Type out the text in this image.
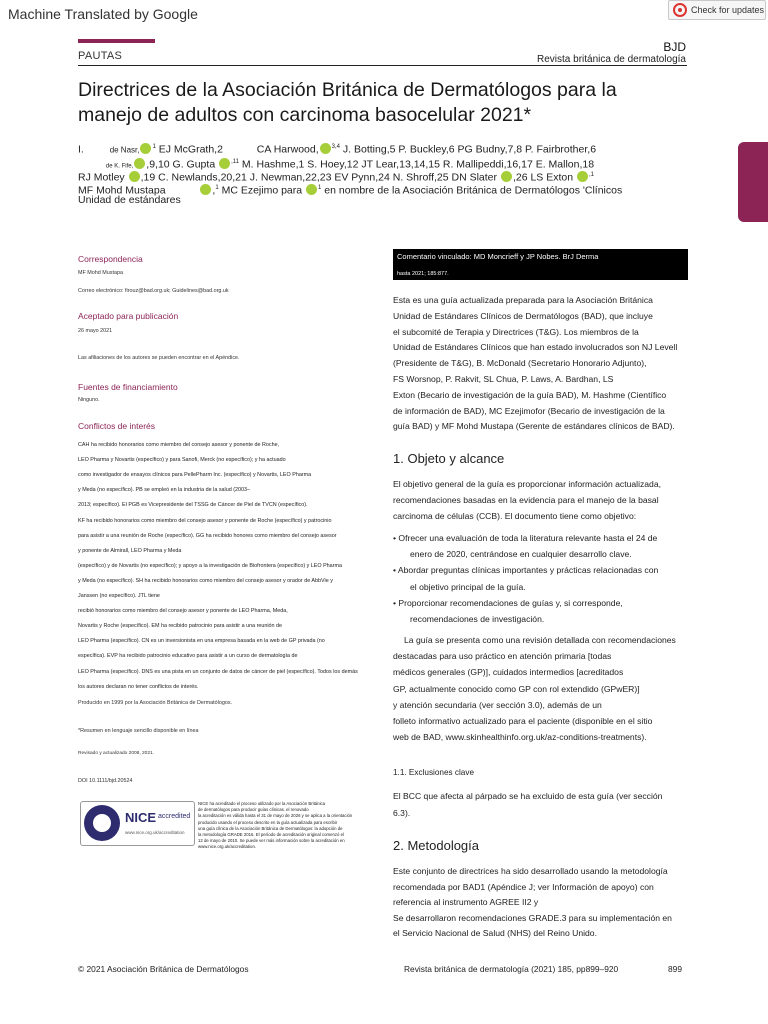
Machine Translated by Google	Check for updates
PAUTAS
BJD
Revista británica de dermatología
Directrices de la Asociación Británica de Dermatólogos para la
manejo de adultos con carcinoma basocelular 2021*
I.	de Nasr, $^1$ EJ McGrath,2	CA Harwood, $^{3,4}$ J. Botting,5 P. Buckley,6 PG Budny,7,8 P. Fairbrother,6
de K. Fife, ,9,10 G. Gupta	$^{,11}$ M. Hashme,1 S. Hoey,12 JT Lear,13,14,15 R. Mallipeddi,16,17 E. Mallon,18
RJ Motley ,19 C. Newlands,20,21 J. Newman,22,23 EV Pynn,24 N. Shroff,25 DN Slater ,26 LS Exton	$^{,1}$
MF Mohd Mustapa	,$^1$ MC Ezejimo para	$^1$ en nombre de la Asociación Británica de Dermatólogos 'Clínicos
Unidad de estándares
Correspondencia
MF Mohd Mustapa
Correo electrónico: firouz@bad.org.uk; Guidelines@bad.org.uk
Aceptado para publicación
26 mayo 2021
Las afiliaciones de los autores se pueden encontrar en el Apéndice.
Fuentes de financiamiento
Ninguno.
Conflictos de interés
CAH ha recibido honorarios como miembro del consejo asesor y ponente de Roche,
LEO Pharma y Novartis (específico) y para Sanofi, Merck (no específico); y ha actuado
como investigador de ensayos clínicos para PellePharm Inc. (específico) y Novartis, LEO Pharma
y Meda (no específico). PB se empleó en la industria de la salud (2003–
2013; específico). El PGB es Vicepresidente del TSSG de Cáncer de Piel de TVCN (específico).
KF ha recibido honorarios como miembro del consejo asesor y ponente de Roche (específico) y patrocinio
para asistir a una reunión de Roche (específico). GG ha recibido honores como miembro del consejo asesor
y ponente de Almirall, LEO Pharma y Meda
(específico) y de Novartis (no específico); y apoyo a la investigación de Biofrontera (específico) y LEO Pharma
y Meda (no específico). SH ha recibido honorarios como miembro del consejo asesor y orador de AbbVie y
Janssen (no específico). JTL tiene
recibió honorarios como miembro del consejo asesor y ponente de LEO Pharma, Meda,
Novartis y Roche (específico). EM ha recibido patrocinio para asistir a una reunión de
LEO Pharma (específico). CN es un inversionista en una empresa basada en la web de GP privada (no
específica). EVP ha recibido patrocinio educativo para asistir a un curso de dermatología de
LEO Pharma (específico). DNS es una pista en un conjunto de datos de cáncer de piel (específico). Todos los demás
los autores declaran no tener conflictos de interés.
Producido en 1999 por la Asociación Británica de Dermatólogos.
*Resumen en lenguaje sencillo disponible en línea
Revisado y actualizado 2008, 2021.
DOI 10.1111/bjd.20524
NICE accredited
www.nice.org.uk/accreditation
NICE ha acreditado el proceso utilizado por la Asociación Británica
de dermatólogos para producir guías clínicas. el renovado
la acreditación es válida hasta el 31 de mayo de 2026 y se aplica a la orientación
producido usando el proceso descrito en la guía actualizada para escribir
una guía clínica de la Asociación Británica de Dermatólogos: la adopción de
la metodología GRADE 2016. El período de acreditación original comenzó el
12 de mayo de 2010. Se puede ver más información sobre la acreditación en
www.nice.org.uk/accreditation.
Comentario vinculado: MD Moncrieff y JP Nobes. BrJ Derma
hasta 2021; 185:877.
Esta es una guía actualizada preparada para la Asociación Británica
Unidad de Estándares Clínicos de Dermatólogos (BAD), que incluye
el subcomité de Terapia y Directrices (T&G). Los miembros de la
Unidad de Estándares Clínicos que han estado involucrados son NJ Levell
(Presidente de T&G), B. McDonald (Secretario Honorario Adjunto),
FS Worsnop, P. Rakvit, SL Chua, P. Laws, A. Bardhan, LS
Exton (Becario de investigación de la guía BAD), M. Hashme (Científico
de información de BAD), MC Ezejimofor (Becario de investigación de la
guía BAD) y MF Mohd Mustapa (Gerente de estándares clínicos de BAD).
1. Objeto y alcance
El objetivo general de la guía es proporcionar información actualizada,
recomendaciones basadas en la evidencia para el manejo de la basal
carcinoma de células (CCB). El documento tiene como objetivo:
• Ofrecer una evaluación de toda la literatura relevante hasta el 24 de
enero de 2020, centrándose en cualquier desarrollo clave.
• Abordar preguntas clínicas importantes y prácticas relacionadas con
el objetivo principal de la guía.
• Proporcionar recomendaciones de guías y, si corresponde,
recomendaciones de investigación.
La guía se presenta como una revisión detallada con recomendaciones
destacadas para uso práctico en atención primaria [todas
médicos generales (GP)], cuidados intermedios [acreditados
GP, actualmente conocido como GP con rol extendido (GPwER)]
y atención secundaria (ver sección 3.0), además de un
folleto informativo actualizado para el paciente (disponible en el sitio
web de BAD, www.skinhealthinfo.org.uk/az-conditions-treatments).
1.1. Exclusiones clave
El BCC que afecta al párpado se ha excluido de esta guía (ver sección
6.3).
2. Metodología
Este conjunto de directrices ha sido desarrollado usando la metodología
recomendada por BAD1 (Apéndice J; ver Información de apoyo) con
referencia al instrumento AGREE II2 y
Se desarrollaron recomendaciones GRADE.3 para su implementación en
el Servicio Nacional de Salud (NHS) del Reino Unido.
© 2021 Asociación Británica de Dermatólogos	Revista británica de dermatología (2021) 185, pp899–920	899
